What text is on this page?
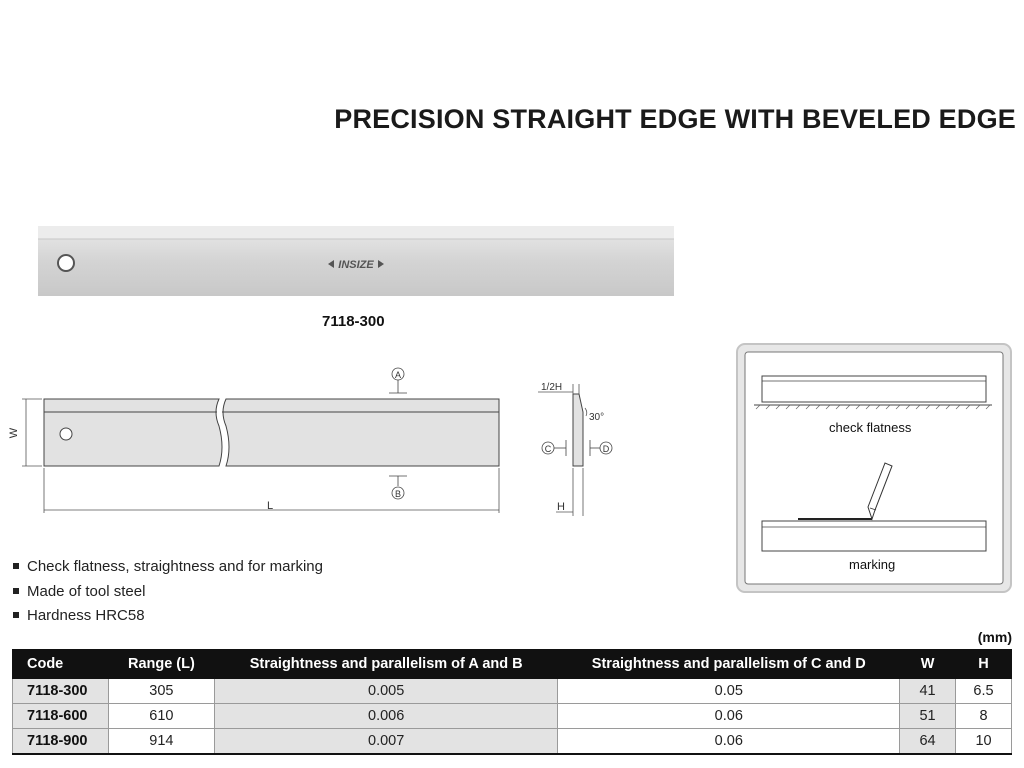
PRECISION STRAIGHT EDGE WITH BEVELED EDGE
INSIZE
7118-300
W
L
A
B
1/2H
30°
C	D
H
check flatness
marking
Check flatness, straightness and for marking
Made of tool steel
Hardness HRC58
(mm)
Code	Range (L)	Straightness and parallelism of A and B	Straightness and parallelism of C and D	W	H
7118-300	305	0.005	0.05	41	6.5
7118-600	610	0.006	0.06	51	8
7118-900	914	0.007	0.06	64	10
